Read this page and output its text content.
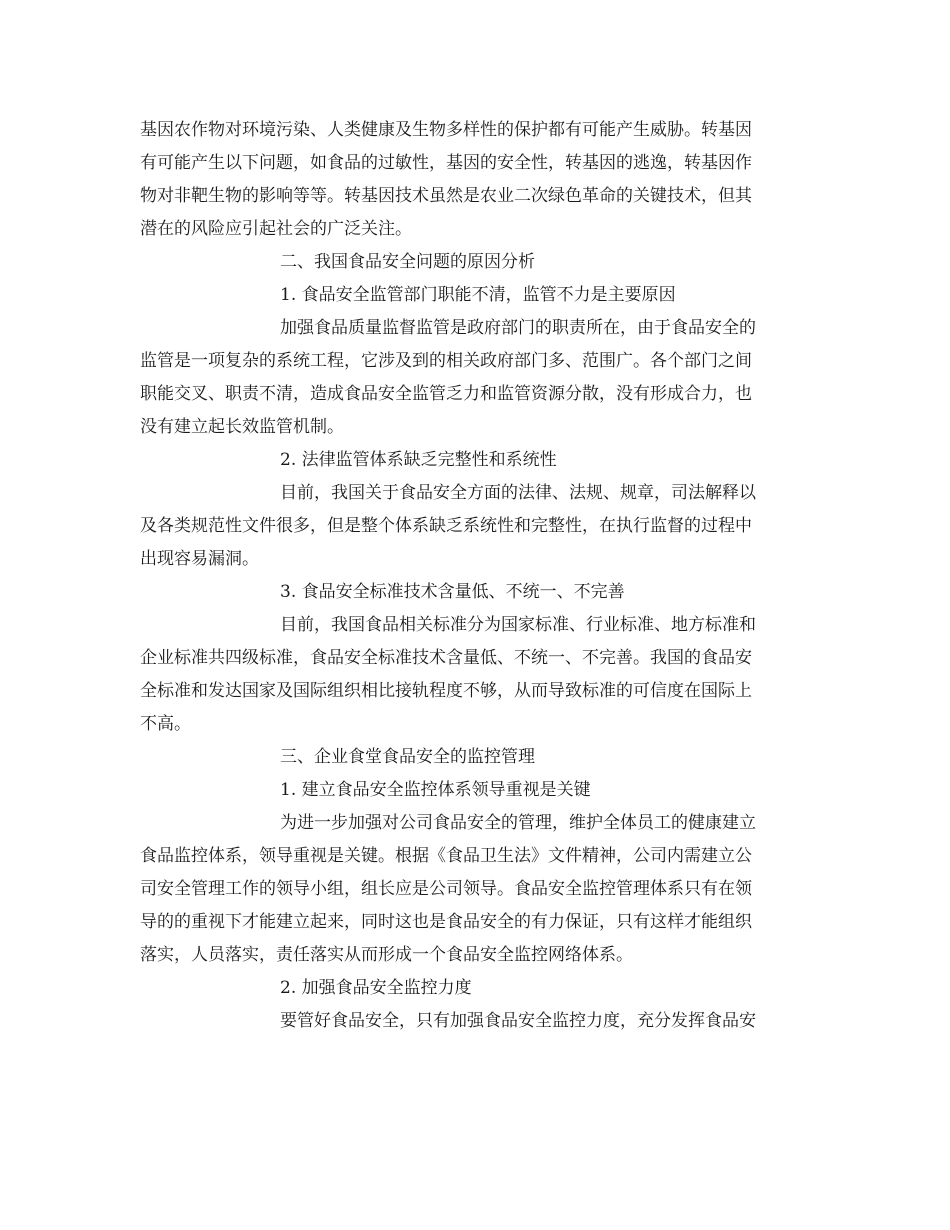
基因农作物对环境污染、人类健康及生物多样性的保护都有可能产生威胁。转基因
有可能产生以下问题，如食品的过敏性，基因的安全性，转基因的逃逸，转基因作
物对非靶生物的影响等等。转基因技术虽然是农业二次绿色革命的关键技术，但其
潜在的风险应引起社会的广泛关注。
二、我国食品安全问题的原因分析
1. 食品安全监管部门职能不清，监管不力是主要原因
加强食品质量监督监管是政府部门的职责所在，由于食品安全的
监管是一项复杂的系统工程，它涉及到的相关政府部门多、范围广。各个部门之间
职能交叉、职责不清，造成食品安全监管乏力和监管资源分散，没有形成合力，也
没有建立起长效监管机制。
2. 法律监管体系缺乏完整性和系统性
目前，我国关于食品安全方面的法律、法规、规章，司法解释以
及各类规范性文件很多，但是整个体系缺乏系统性和完整性，在执行监督的过程中
出现容易漏洞。
3. 食品安全标准技术含量低、不统一、不完善
目前，我国食品相关标准分为国家标准、行业标准、地方标准和
企业标准共四级标准，食品安全标准技术含量低、不统一、不完善。我国的食品安
全标准和发达国家及国际组织相比接轨程度不够，从而导致标准的可信度在国际上
不高。
三、企业食堂食品安全的监控管理
1. 建立食品安全监控体系领导重视是关键
为进一步加强对公司食品安全的管理，维护全体员工的健康建立
食品监控体系，领导重视是关键。根据《食品卫生法》文件精神，公司内需建立公
司安全管理工作的领导小组，组长应是公司领导。食品安全监控管理体系只有在领
导的的重视下才能建立起来，同时这也是食品安全的有力保证，只有这样才能组织
落实，人员落实，责任落实从而形成一个食品安全监控网络体系。
2. 加强食品安全监控力度
要管好食品安全，只有加强食品安全监控力度，充分发挥食品安
